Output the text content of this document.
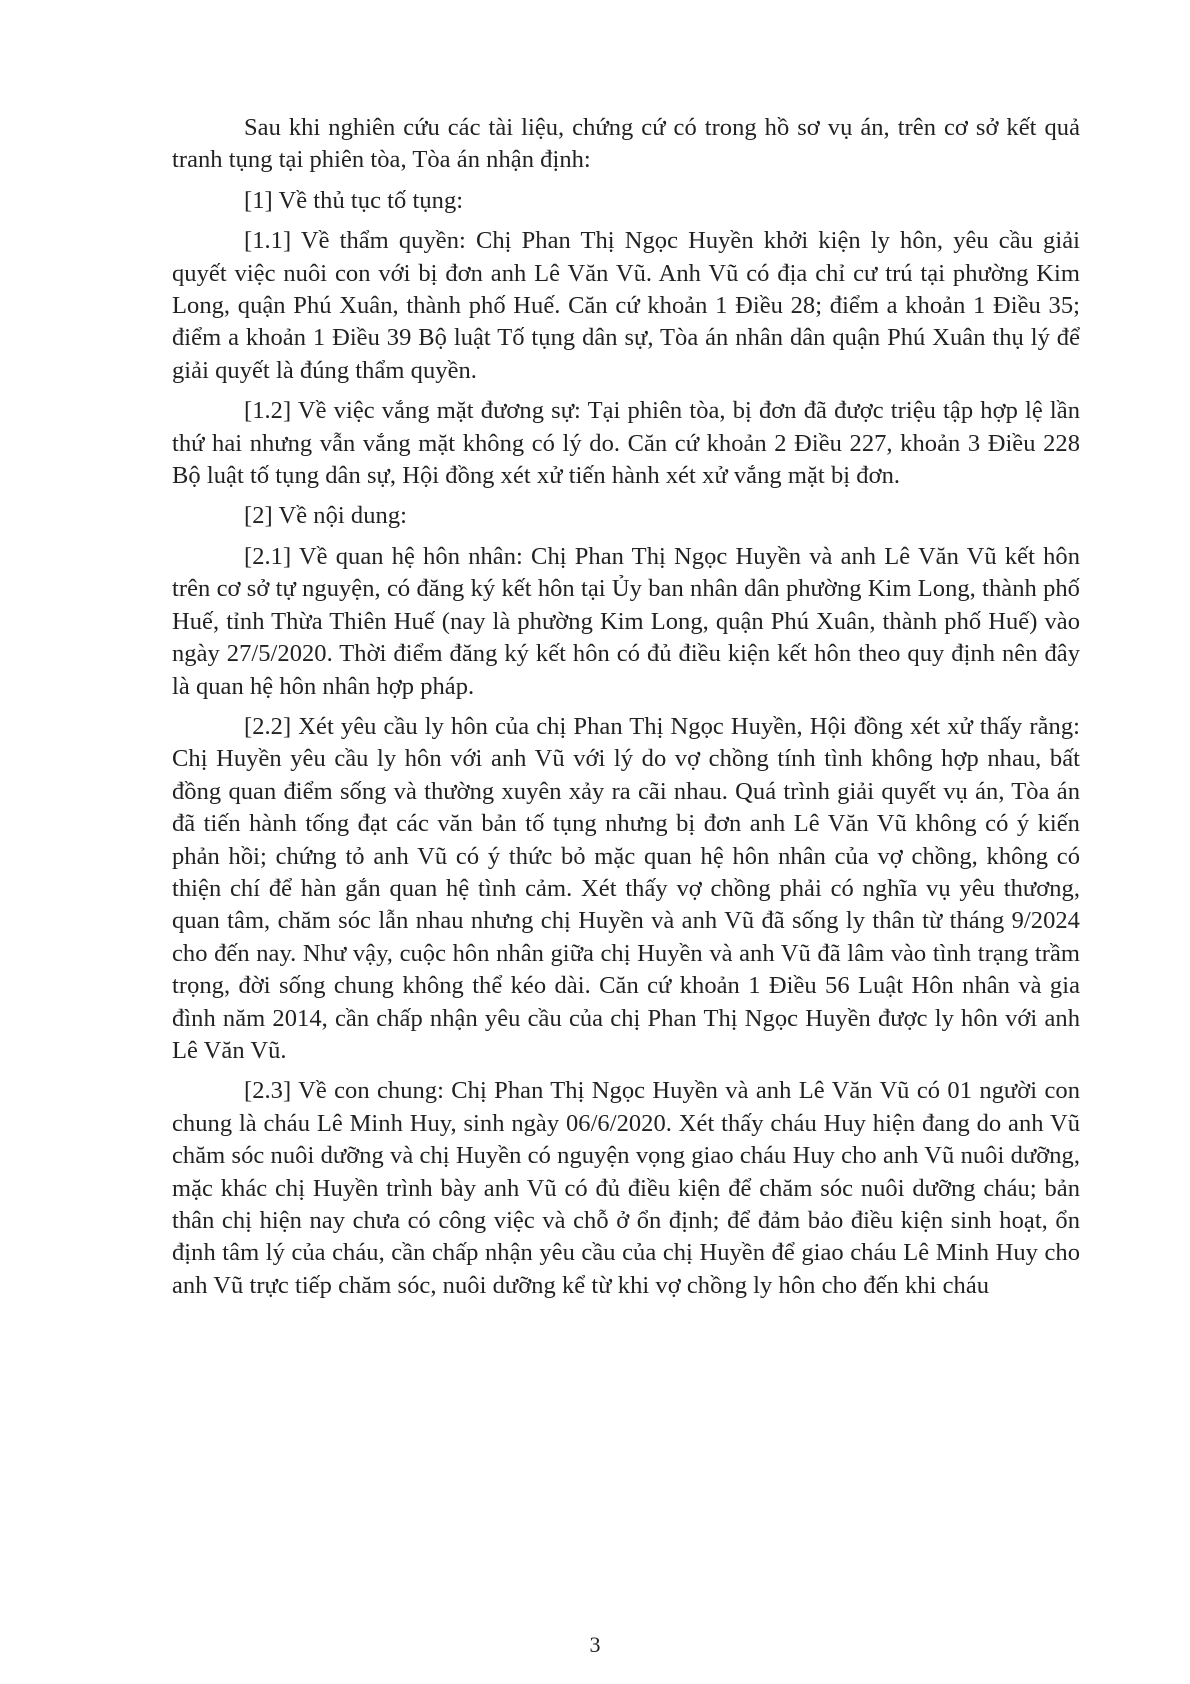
Sau khi nghiên cứu các tài liệu, chứng cứ có trong hồ sơ vụ án, trên cơ sở kết quả tranh tụng tại phiên tòa, Tòa án nhận định:

[1] Về thủ tục tố tụng:

[1.1] Về thẩm quyền: Chị Phan Thị Ngọc Huyền khởi kiện ly hôn, yêu cầu giải quyết việc nuôi con với bị đơn anh Lê Văn Vũ. Anh Vũ có địa chỉ cư trú tại phường Kim Long, quận Phú Xuân, thành phố Huế. Căn cứ khoản 1 Điều 28; điểm a khoản 1 Điều 35; điểm a khoản 1 Điều 39 Bộ luật Tố tụng dân sự, Tòa án nhân dân quận Phú Xuân thụ lý để giải quyết là đúng thẩm quyền.

[1.2] Về việc vắng mặt đương sự: Tại phiên tòa, bị đơn đã được triệu tập hợp lệ lần thứ hai nhưng vẫn vắng mặt không có lý do. Căn cứ khoản 2 Điều 227, khoản 3 Điều 228 Bộ luật tố tụng dân sự, Hội đồng xét xử tiến hành xét xử vắng mặt bị đơn.

[2] Về nội dung:

[2.1] Về quan hệ hôn nhân: Chị Phan Thị Ngọc Huyền và anh Lê Văn Vũ kết hôn trên cơ sở tự nguyện, có đăng ký kết hôn tại Ủy ban nhân dân phường Kim Long, thành phố Huế, tỉnh Thừa Thiên Huế (nay là phường Kim Long, quận Phú Xuân, thành phố Huế) vào ngày 27/5/2020. Thời điểm đăng ký kết hôn có đủ điều kiện kết hôn theo quy định nên đây là quan hệ hôn nhân hợp pháp.

[2.2] Xét yêu cầu ly hôn của chị Phan Thị Ngọc Huyền, Hội đồng xét xử thấy rằng: Chị Huyền yêu cầu ly hôn với anh Vũ với lý do vợ chồng tính tình không hợp nhau, bất đồng quan điểm sống và thường xuyên xảy ra cãi nhau. Quá trình giải quyết vụ án, Tòa án đã tiến hành tống đạt các văn bản tố tụng nhưng bị đơn anh Lê Văn Vũ không có ý kiến phản hồi; chứng tỏ anh Vũ có ý thức bỏ mặc quan hệ hôn nhân của vợ chồng, không có thiện chí để hàn gắn quan hệ tình cảm. Xét thấy vợ chồng phải có nghĩa vụ yêu thương, quan tâm, chăm sóc lẫn nhau nhưng chị Huyền và anh Vũ đã sống ly thân từ tháng 9/2024 cho đến nay. Như vậy, cuộc hôn nhân giữa chị Huyền và anh Vũ đã lâm vào tình trạng trầm trọng, đời sống chung không thể kéo dài. Căn cứ khoản 1 Điều 56 Luật Hôn nhân và gia đình năm 2014, cần chấp nhận yêu cầu của chị Phan Thị Ngọc Huyền được ly hôn với anh Lê Văn Vũ.

[2.3] Về con chung: Chị Phan Thị Ngọc Huyền và anh Lê Văn Vũ có 01 người con chung là cháu Lê Minh Huy, sinh ngày 06/6/2020. Xét thấy cháu Huy hiện đang do anh Vũ chăm sóc nuôi dưỡng và chị Huyền có nguyện vọng giao cháu Huy cho anh Vũ nuôi dưỡng, mặc khác chị Huyền trình bày anh Vũ có đủ điều kiện để chăm sóc nuôi dưỡng cháu; bản thân chị hiện nay chưa có công việc và chỗ ở ổn định; để đảm bảo điều kiện sinh hoạt, ổn định tâm lý của cháu, cần chấp nhận yêu cầu của chị Huyền để giao cháu Lê Minh Huy cho anh Vũ trực tiếp chăm sóc, nuôi dưỡng kể từ khi vợ chồng ly hôn cho đến khi cháu

3
